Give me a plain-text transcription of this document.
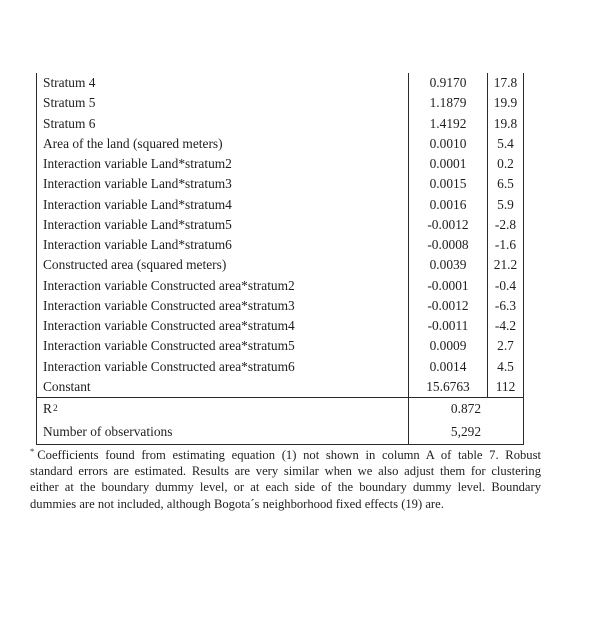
Stratum 4	0.9170	17.8
Stratum 5	1.1879	19.9
Stratum 6	1.4192	19.8
Area of the land (squared meters)	0.0010	5.4
Interaction variable Land*stratum2	0.0001	0.2
Interaction variable Land*stratum3	0.0015	6.5
Interaction variable Land*stratum4	0.0016	5.9
Interaction variable Land*stratum5	-0.0012	-2.8
Interaction variable Land*stratum6	-0.0008	-1.6
Constructed area (squared meters)	0.0039	21.2
Interaction variable Constructed area*stratum2	-0.0001	-0.4
Interaction variable Constructed area*stratum3	-0.0012	-6.3
Interaction variable Constructed area*stratum4	-0.0011	-4.2
Interaction variable Constructed area*stratum5	0.0009	2.7
Interaction variable Constructed area*stratum6	0.0014	4.5
Constant	15.6763	112
R 2	0.872
Number of observations	5,292
* Coefficients found from estimating equation (1) not shown in column A of table 7. Robust
standard errors are estimated. Results are very similar when we also adjust them for clustering
either at the boundary dummy level, or at each side of the boundary dummy level. Boundary
dummies are not included, although Bogota´s neighborhood fixed effects (19) are.
